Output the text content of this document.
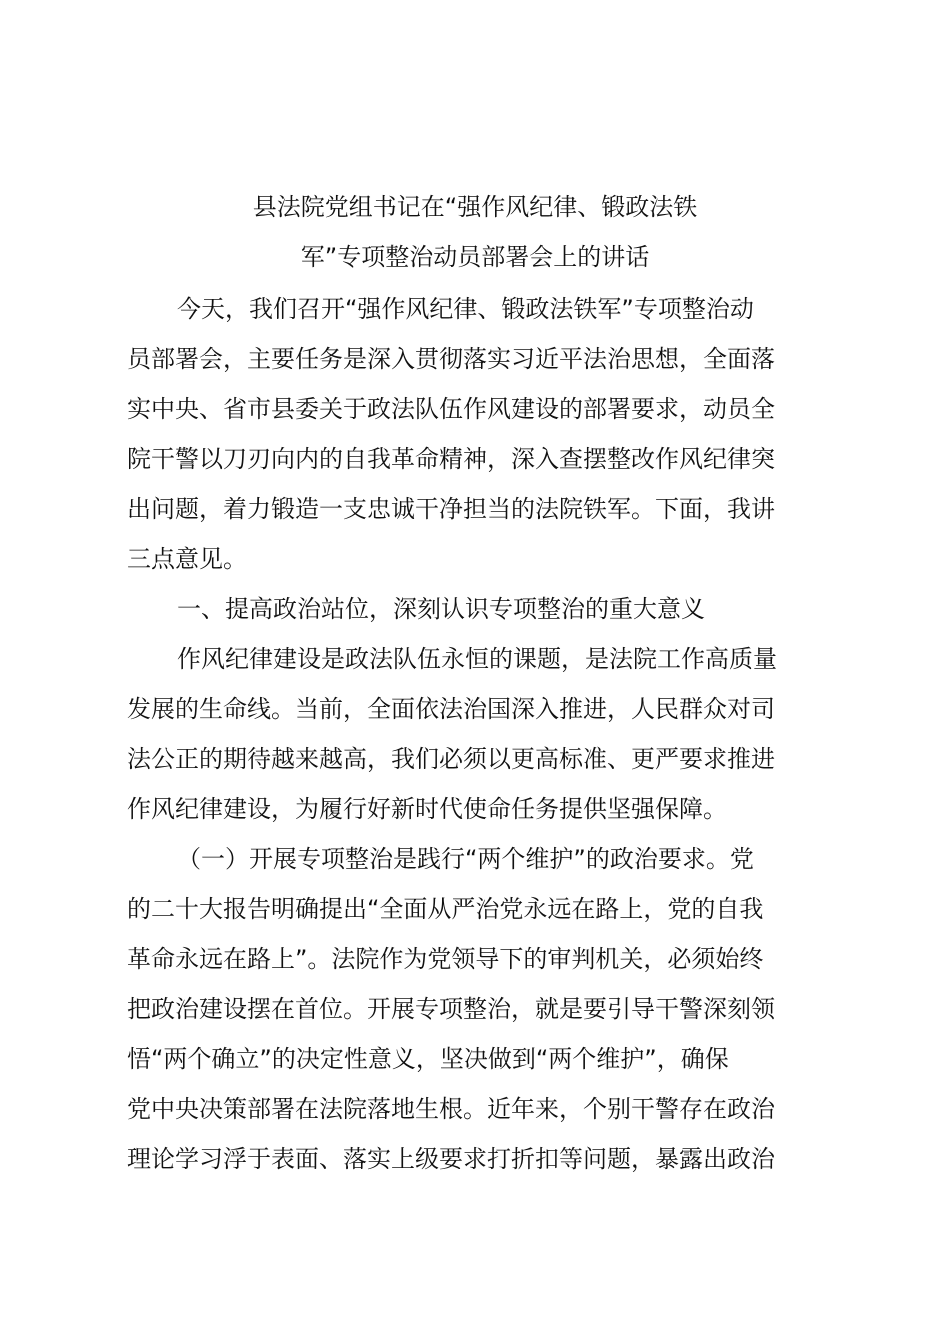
县法院党组书记在“强作风纪律、锻政法铁
军”专项整治动员部署会上的讲话
今天，我们召开“强作风纪律、锻政法铁军”专项整治动
员部署会，主要任务是深入贯彻落实习近平法治思想，全面落
实中央、省市县委关于政法队伍作风建设的部署要求，动员全
院干警以刀刃向内的自我革命精神，深入查摆整改作风纪律突
出问题，着力锻造一支忠诚干净担当的法院铁军。下面，我讲
三点意见。
一、提高政治站位，深刻认识专项整治的重大意义
作风纪律建设是政法队伍永恒的课题，是法院工作高质量
发展的生命线。当前，全面依法治国深入推进，人民群众对司
法公正的期待越来越高，我们必须以更高标准、更严要求推进
作风纪律建设，为履行好新时代使命任务提供坚强保障。
（一）开展专项整治是践行“两个维护”的政治要求。党
的二十大报告明确提出“全面从严治党永远在路上，党的自我
革命永远在路上”。法院作为党领导下的审判机关，必须始终
把政治建设摆在首位。开展专项整治，就是要引导干警深刻领
悟“两个确立”的决定性意义，坚决做到“两个维护”，确保
党中央决策部署在法院落地生根。近年来，个别干警存在政治
理论学习浮于表面、落实上级要求打折扣等问题，暴露出政治
